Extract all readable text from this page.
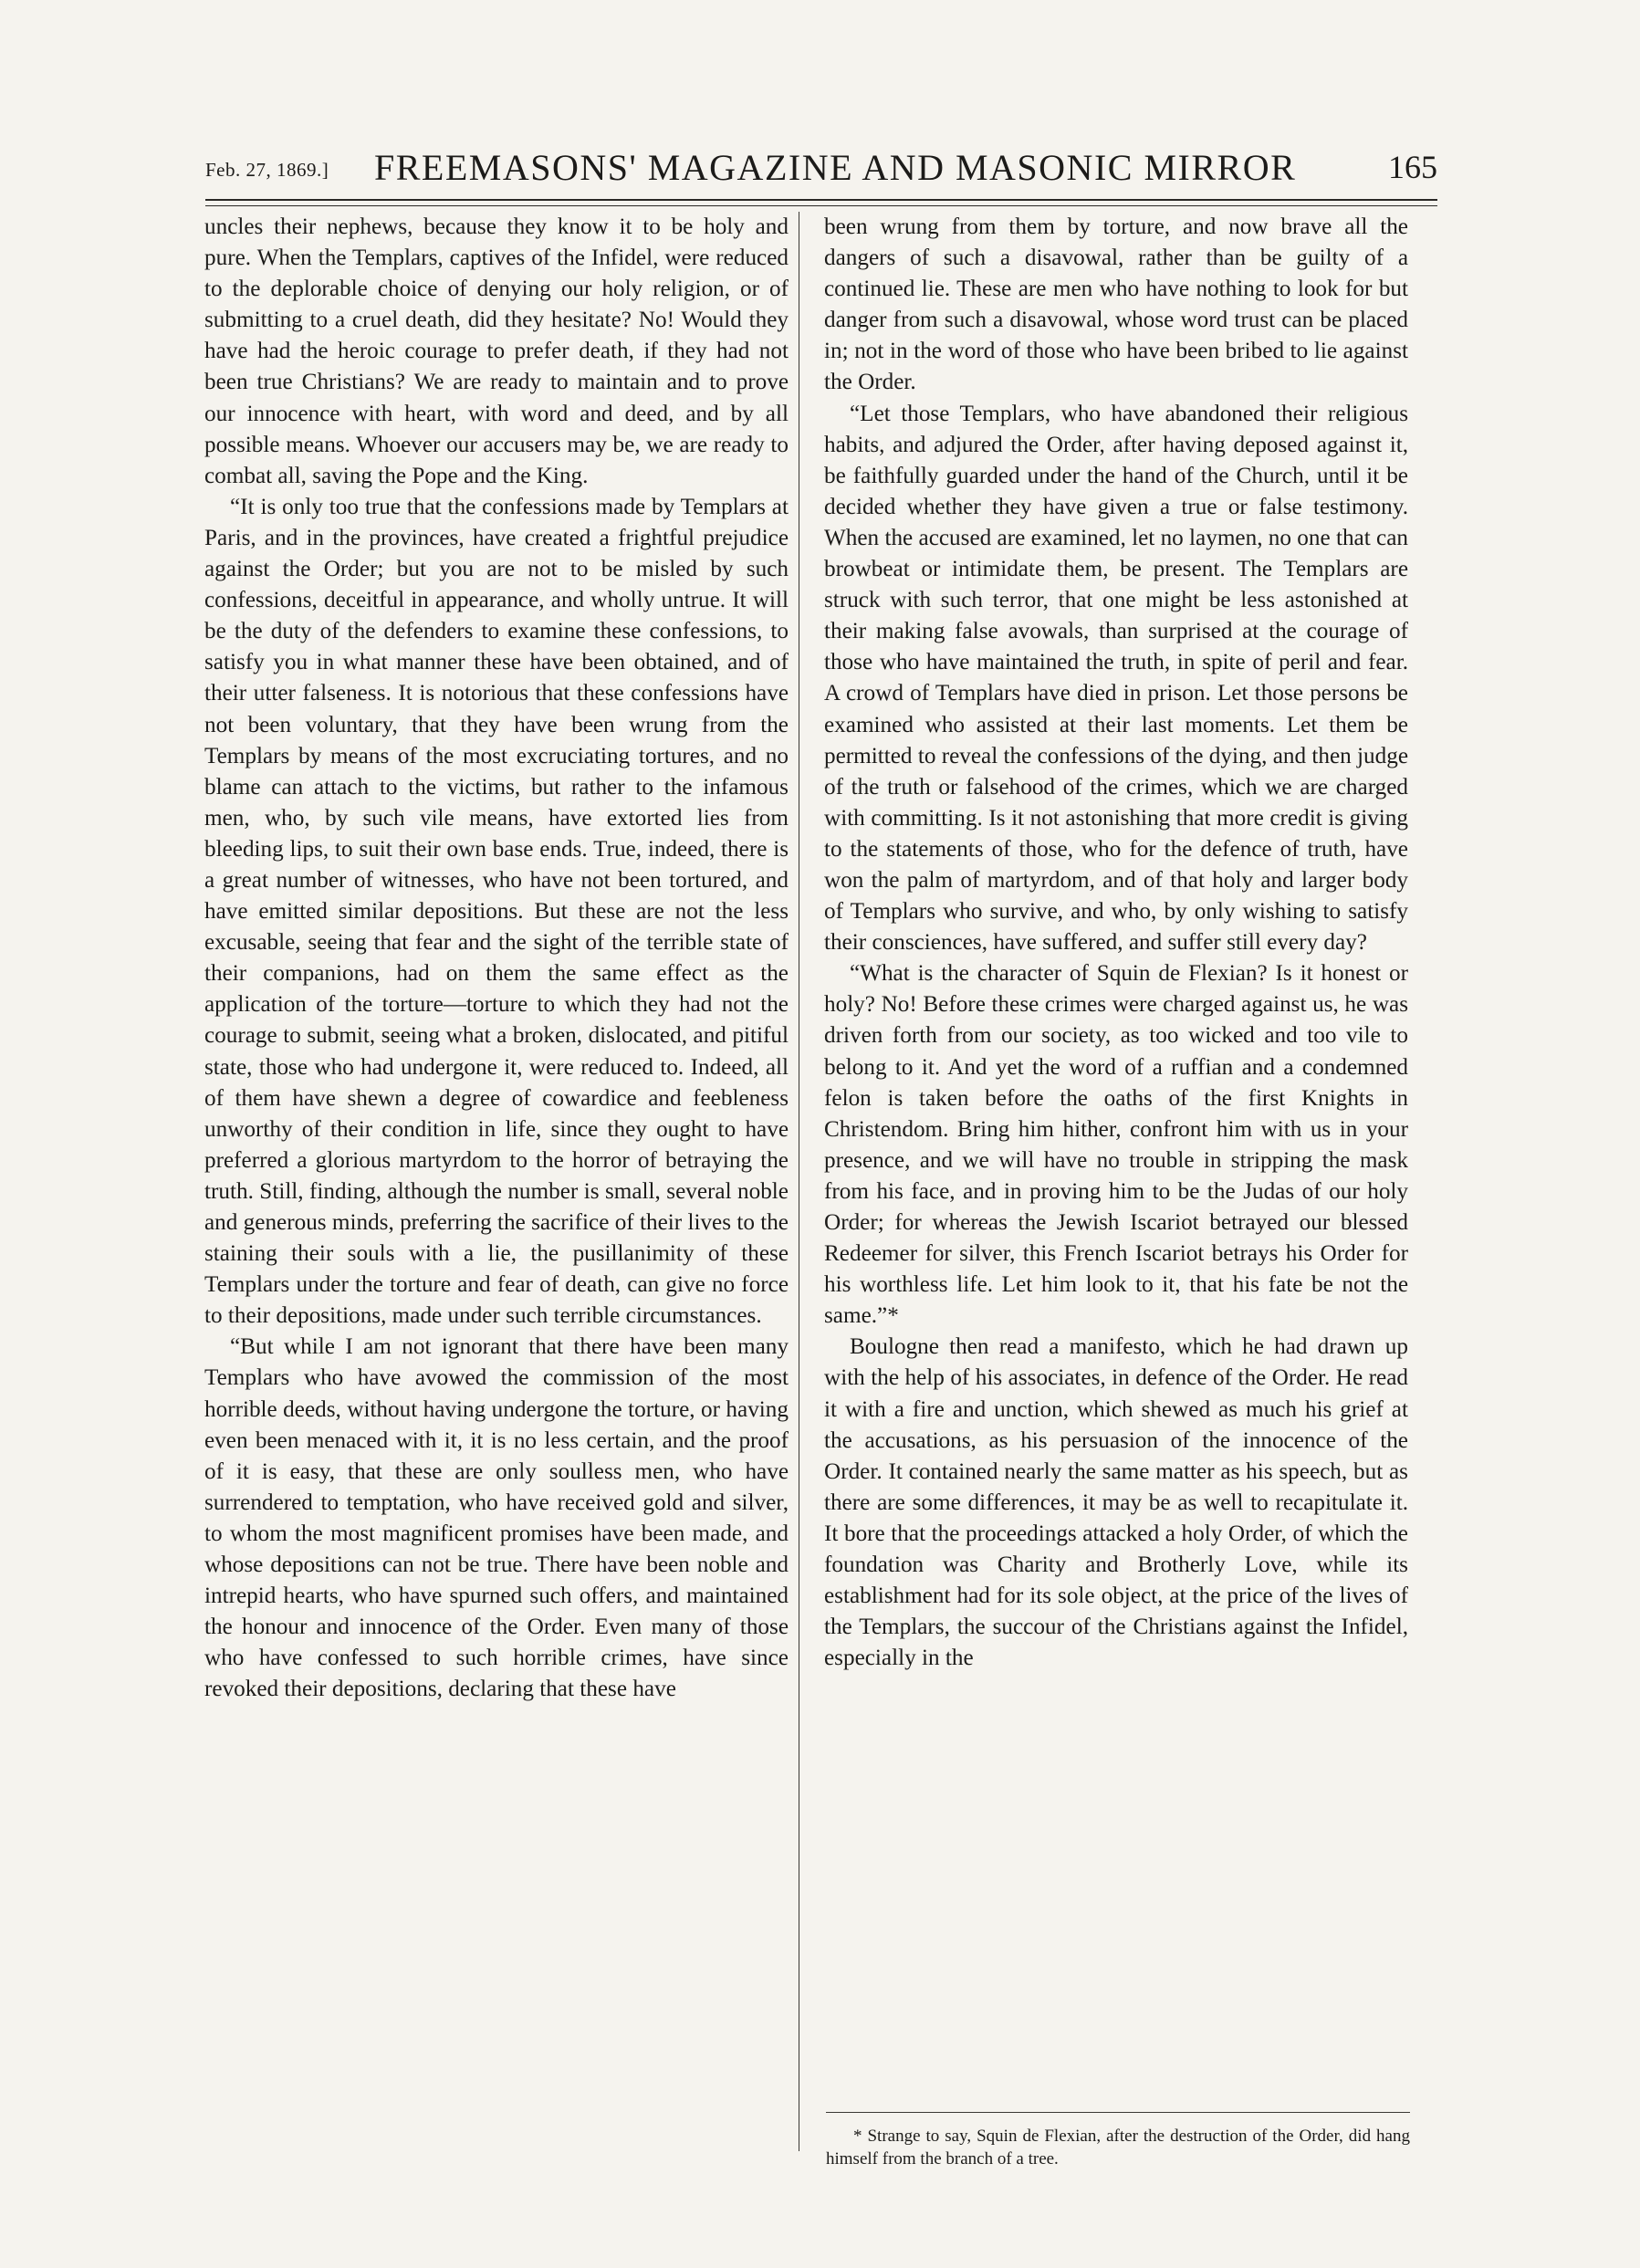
Feb. 27, 1869.] FREEMASONS' MAGAZINE AND MASONIC MIRROR	165

uncles their nephews, because they know it to be holy and pure. When the Templars, captives of the Infidel, were reduced to the deplorable choice of denying our holy religion, or of submitting to a cruel death, did they hesitate? No! Would they have had the heroic courage to prefer death, if they had not been true Christians? We are ready to maintain and to prove our innocence with heart, with word and deed, and by all possible means. Whoever our accusers may be, we are ready to combat all, saving the Pope and the King.

“It is only too true that the confessions made by Templars at Paris, and in the provinces, have created a frightful prejudice against the Order; but you are not to be misled by such confessions, deceitful in appearance, and wholly untrue. It will be the duty of the defenders to examine these confessions, to satisfy you in what manner these have been obtained, and of their utter falseness. It is notorious that these confessions have not been voluntary, that they have been wrung from the Templars by means of the most excruciating tortures, and no blame can attach to the victims, but rather to the infamous men, who, by such vile means, have extorted lies from bleeding lips, to suit their own base ends. True, indeed, there is a great number of witnesses, who have not been tortured, and have emitted similar depositions. But these are not the less excusable, seeing that fear and the sight of the terrible state of their companions, had on them the same effect as the application of the torture—torture to which they had not the courage to submit, seeing what a broken, dislocated, and pitiful state, those who had undergone it, were reduced to. Indeed, all of them have shewn a degree of cowardice and feebleness unworthy of their condition in life, since they ought to have preferred a glorious martyrdom to the horror of betraying the truth. Still, finding, although the number is small, several noble and generous minds, preferring the sacrifice of their lives to the staining their souls with a lie, the pusillanimity of these Templars under the torture and fear of death, can give no force to their depositions, made under such terrible circumstances.

“But while I am not ignorant that there have been many Templars who have avowed the commission of the most horrible deeds, without having undergone the torture, or having even been menaced with it, it is no less certain, and the proof of it is easy, that these are only soulless men, who have surrendered to temptation, who have received gold and silver, to whom the most magnificent promises have been made, and whose depositions can not be true. There have been noble and intrepid hearts, who have spurned such offers, and maintained the honour and innocence of the Order. Even many of those who have confessed to such horrible crimes, have since revoked their depositions, declaring that these have

been wrung from them by torture, and now brave all the dangers of such a disavowal, rather than be guilty of a continued lie. These are men who have nothing to look for but danger from such a disavowal, whose word trust can be placed in; not in the word of those who have been bribed to lie against the Order.

“Let those Templars, who have abandoned their religious habits, and adjured the Order, after having deposed against it, be faithfully guarded under the hand of the Church, until it be decided whether they have given a true or false testimony. When the accused are examined, let no laymen, no one that can browbeat or intimidate them, be present. The Templars are struck with such terror, that one might be less astonished at their making false avowals, than surprised at the courage of those who have maintained the truth, in spite of peril and fear. A crowd of Templars have died in prison. Let those persons be examined who assisted at their last moments. Let them be permitted to reveal the confessions of the dying, and then judge of the truth or falsehood of the crimes, which we are charged with committing. Is it not astonishing that more credit is giving to the statements of those, who for the defence of truth, have won the palm of martyrdom, and of that holy and larger body of Templars who survive, and who, by only wishing to satisfy their consciences, have suffered, and suffer still every day?

“What is the character of Squin de Flexian? Is it honest or holy? No! Before these crimes were charged against us, he was driven forth from our society, as too wicked and too vile to belong to it. And yet the word of a ruffian and a condemned felon is taken before the oaths of the first Knights in Christendom. Bring him hither, confront him with us in your presence, and we will have no trouble in stripping the mask from his face, and in proving him to be the Judas of our holy Order; for whereas the Jewish Iscariot betrayed our blessed Redeemer for silver, this French Iscariot betrays his Order for his worthless life. Let him look to it, that his fate be not the same.”*

Boulogne then read a manifesto, which he had drawn up with the help of his associates, in defence of the Order. He read it with a fire and unction, which shewed as much his grief at the accusations, as his persuasion of the innocence of the Order. It contained nearly the same matter as his speech, but as there are some differences, it may be as well to recapitulate it. It bore that the proceedings attacked a holy Order, of which the foundation was Charity and Brotherly Love, while its establishment had for its sole object, at the price of the lives of the Templars, the succour of the Christians against the Infidel, especially in the

* Strange to say, Squin de Flexian, after the destruction of the Order, did hang himself from the branch of a tree.
